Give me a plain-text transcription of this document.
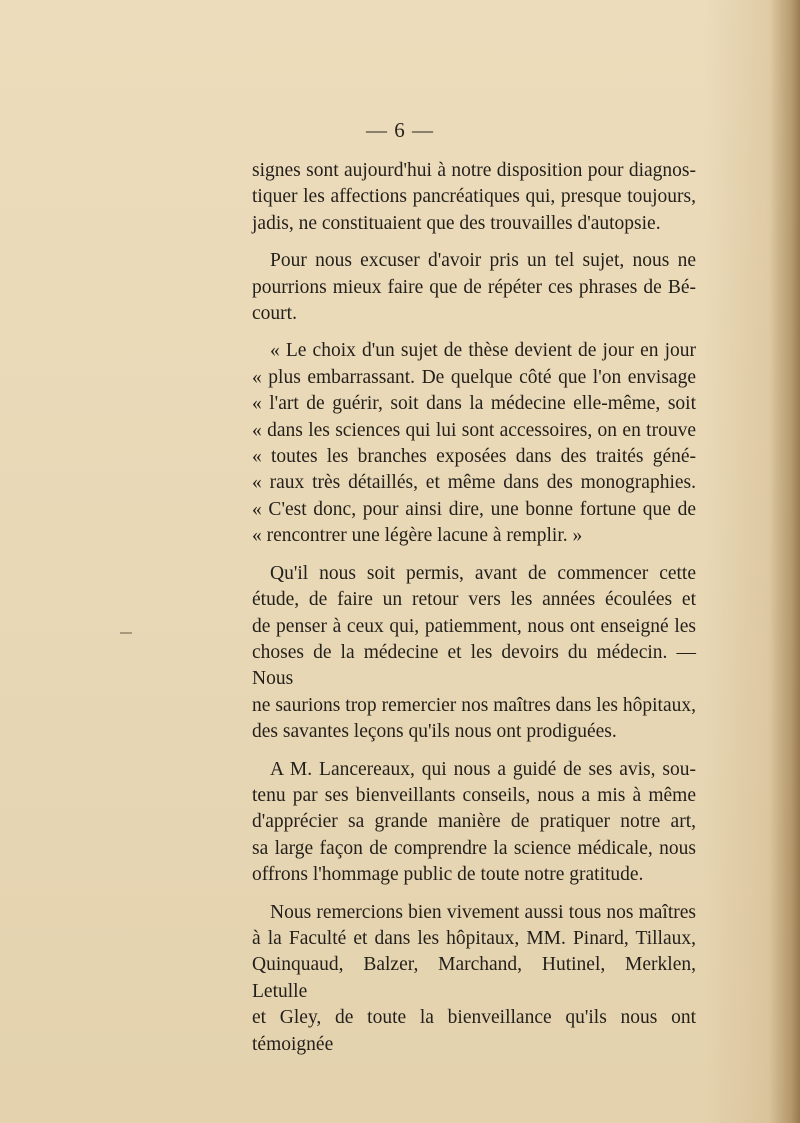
— 6 —
signes sont aujourd'hui à notre disposition pour diagnos-
tiquer les affections pancréatiques qui, presque toujours,
jadis, ne constituaient que des trouvailles d'autopsie.
Pour nous excuser d'avoir pris un tel sujet, nous ne
pourrions mieux faire que de répéter ces phrases de Bé-
court.
« Le choix d'un sujet de thèse devient de jour en jour
« plus embarrassant. De quelque côté que l'on envisage
« l'art de guérir, soit dans la médecine elle-même, soit
« dans les sciences qui lui sont accessoires, on en trouve
« toutes les branches exposées dans des traités géné-
« raux très détaillés, et même dans des monographies.
« C'est donc, pour ainsi dire, une bonne fortune que de
« rencontrer une légère lacune à remplir. »
Qu'il nous soit permis, avant de commencer cette
étude, de faire un retour vers les années écoulées et
de penser à ceux qui, patiemment, nous ont enseigné les
choses de la médecine et les devoirs du médecin. — Nous
ne saurions trop remercier nos maîtres dans les hôpitaux,
des savantes leçons qu'ils nous ont prodiguées.
A M. Lancereaux, qui nous a guidé de ses avis, sou-
tenu par ses bienveillants conseils, nous a mis à même
d'apprécier sa grande manière de pratiquer notre art,
sa large façon de comprendre la science médicale, nous
offrons l'hommage public de toute notre gratitude.
Nous remercions bien vivement aussi tous nos maîtres
à la Faculté et dans les hôpitaux, MM. Pinard, Tillaux,
Quinquaud, Balzer, Marchand, Hutinel, Merklen, Letulle
et Gley, de toute la bienveillance qu'ils nous ont témoignée
